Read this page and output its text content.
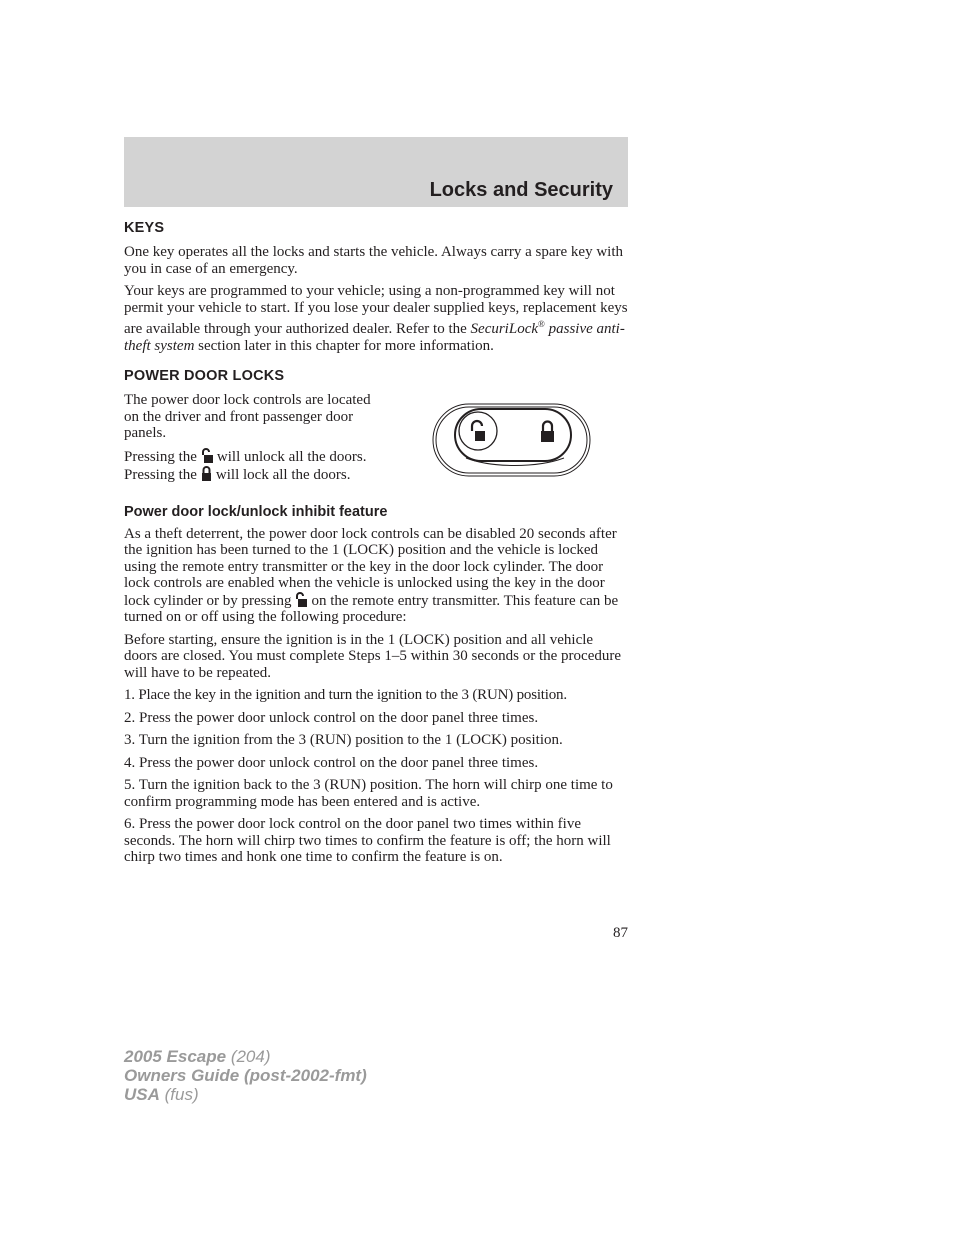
Locks and Security
KEYS

One key operates all the locks and starts the vehicle. Always carry a spare key with you in case of an emergency.

Your keys are programmed to your vehicle; using a non-programmed key will not permit your vehicle to start. If you lose your dealer supplied keys, replacement keys are available through your authorized dealer. Refer to the SecuriLock® passive anti-theft system section later in this chapter for more information.

POWER DOOR LOCKS

The power door lock controls are located on the driver and front passenger door panels.

Pressing the will unlock all the doors. Pressing the will lock all the doors.

Power door lock/unlock inhibit feature

As a theft deterrent, the power door lock controls can be disabled 20 seconds after the ignition has been turned to the 1 (LOCK) position and the vehicle is locked using the remote entry transmitter or the key in the door lock cylinder. The door lock controls are enabled when the vehicle is unlocked using the key in the door lock cylinder or by pressing on the remote entry transmitter. This feature can be turned on or off using the following procedure:

Before starting, ensure the ignition is in the 1 (LOCK) position and all vehicle doors are closed. You must complete Steps 1–5 within 30 seconds or the procedure will have to be repeated.

1. Place the key in the ignition and turn the ignition to the 3 (RUN) position.

2. Press the power door unlock control on the door panel three times.

3. Turn the ignition from the 3 (RUN) position to the 1 (LOCK) position.

4. Press the power door unlock control on the door panel three times.

5. Turn the ignition back to the 3 (RUN) position. The horn will chirp one time to confirm programming mode has been entered and is active.

6. Press the power door lock control on the door panel two times within five seconds. The horn will chirp two times to confirm the feature is off; the horn will chirp two times and honk one time to confirm the feature is on.

87
2005 Escape (204)
Owners Guide (post-2002-fmt)
USA (fus)
